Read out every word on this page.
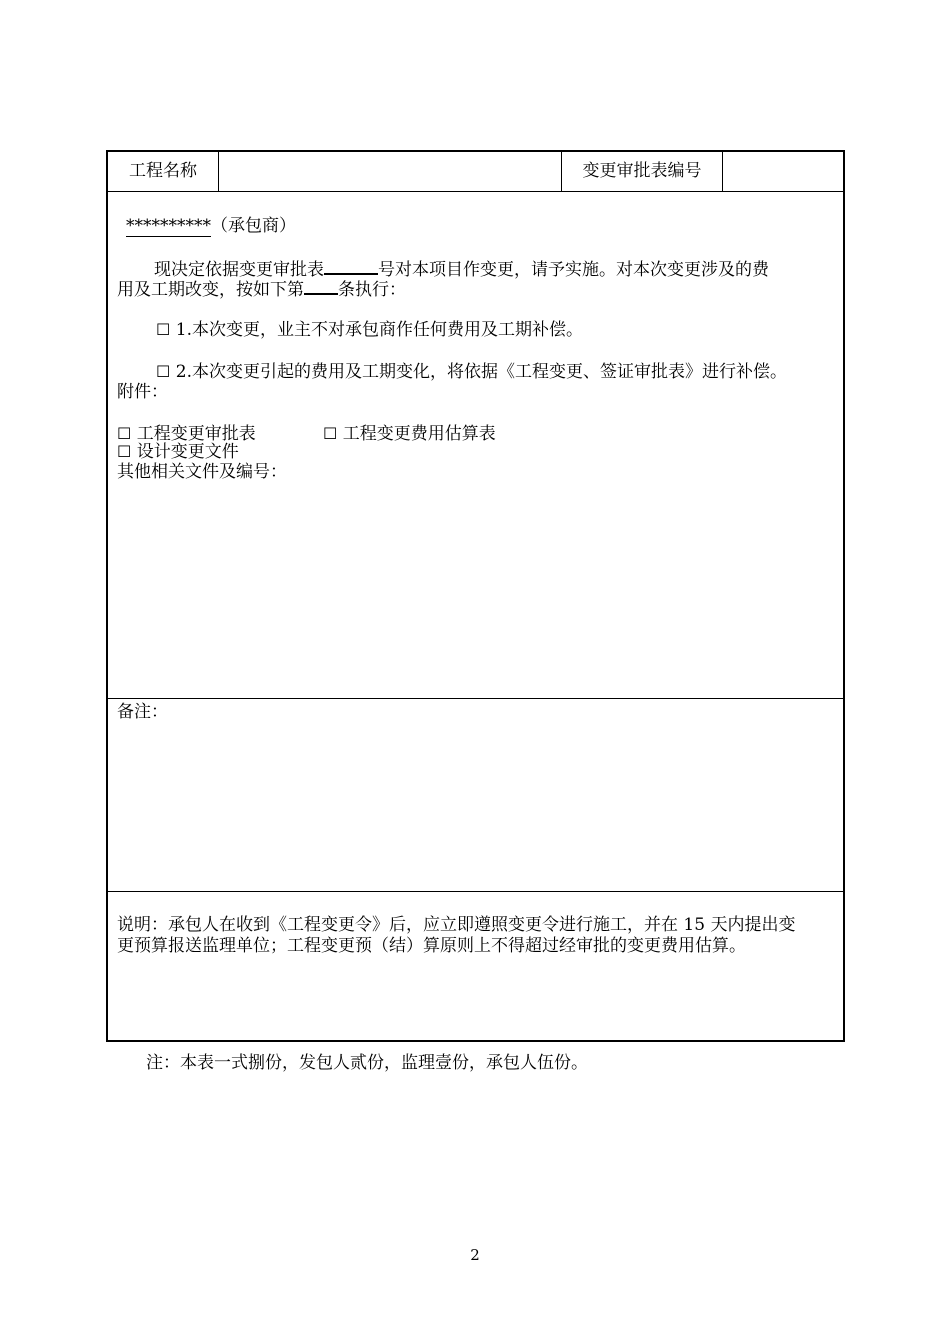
工程名称	变更审批表编号
**********（承包商）
现决定依据变更审批表	号对本项目作变更，请予实施。对本次变更涉及的费
用及工期改变，按如下第 条执行：
☐ 1.本次变更，业主不对承包商作任何费用及工期补偿。
☐ 2.本次变更引起的费用及工期变化，将依据《工程变更、签证审批表》进行补偿。
附件：
☐ 工程变更审批表	☐ 工程变更费用估算表
☐ 设计变更文件
其他相关文件及编号：
备注：
说明：承包人在收到《工程变更令》后，应立即遵照变更令进行施工，并在 15 天内提出变
更预算报送监理单位；工程变更预（结）算原则上不得超过经审批的变更费用估算。
注：本表一式捌份，发包人贰份，监理壹份，承包人伍份。
2
